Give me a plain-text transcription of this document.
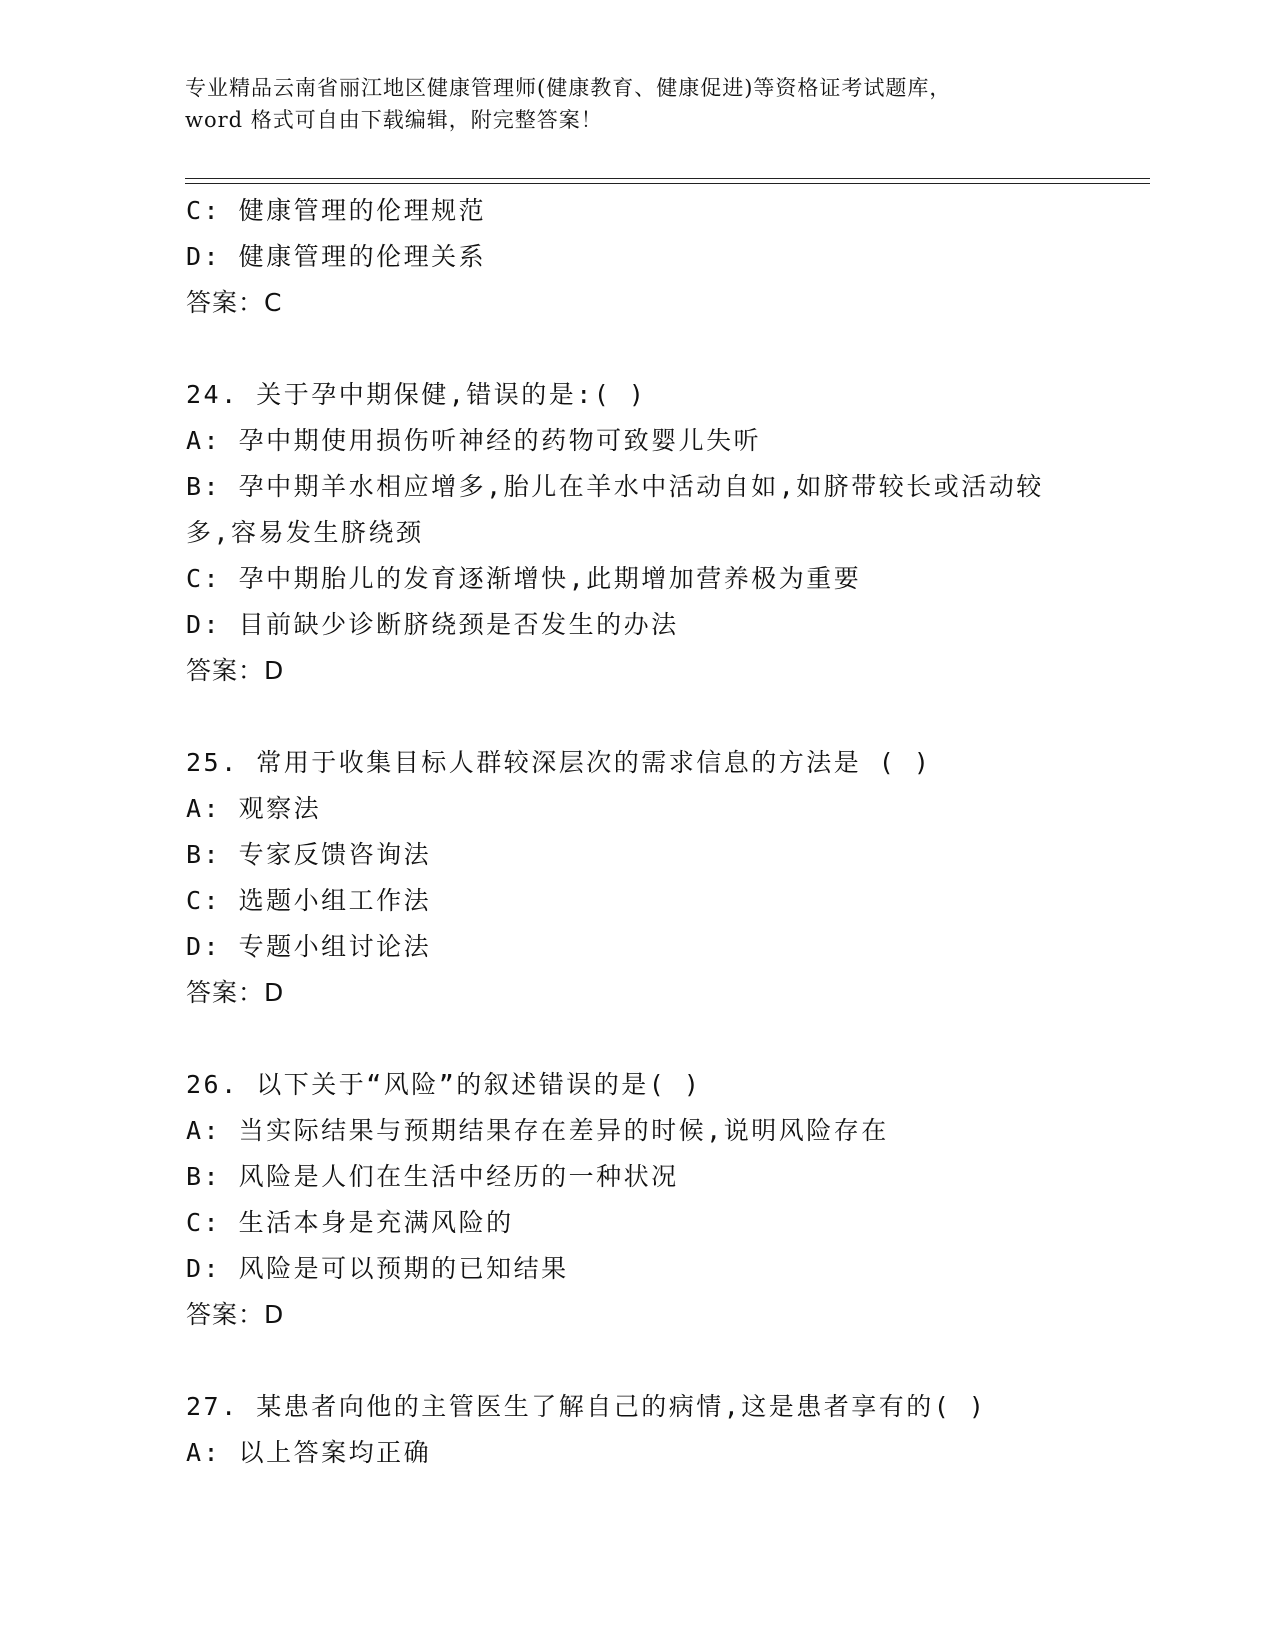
专业精品云南省丽江地区健康管理师(健康教育、健康促进)等资格证考试题库，
word 格式可自由下载编辑，附完整答案！
C: 健康管理的伦理规范
D: 健康管理的伦理关系
答案：C
24. 关于孕中期保健,错误的是:( )
A: 孕中期使用损伤听神经的药物可致婴儿失听
B: 孕中期羊水相应增多,胎儿在羊水中活动自如,如脐带较长或活动较
多,容易发生脐绕颈
C: 孕中期胎儿的发育逐渐增快,此期增加营养极为重要
D: 目前缺少诊断脐绕颈是否发生的办法
答案：D
25. 常用于收集目标人群较深层次的需求信息的方法是 ( )
A: 观察法
B: 专家反馈咨询法
C: 选题小组工作法
D: 专题小组讨论法
答案：D
26. 以下关于“风险”的叙述错误的是( )
A: 当实际结果与预期结果存在差异的时候,说明风险存在
B: 风险是人们在生活中经历的一种状况
C: 生活本身是充满风险的
D: 风险是可以预期的已知结果
答案：D
27. 某患者向他的主管医生了解自己的病情,这是患者享有的( )
A: 以上答案均正确
